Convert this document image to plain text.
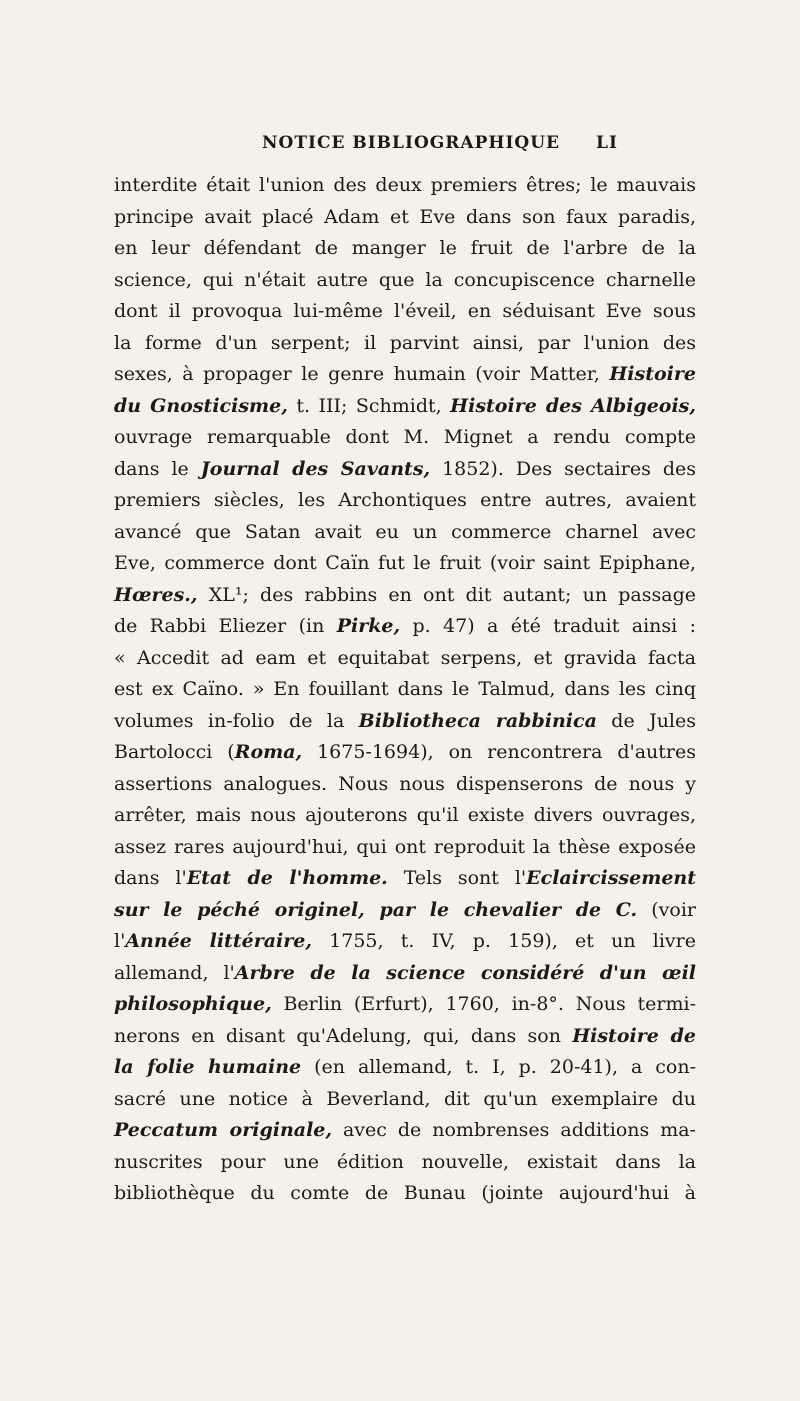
NOTICE BIBLIOGRAPHIQUE	LI
interdite était l'union des deux premiers êtres; le mauvais
principe avait placé Adam et Eve dans son faux paradis,
en leur défendant de manger le fruit de l'arbre de la
science, qui n'était autre que la concupiscence charnelle
dont il provoqua lui-même l'éveil, en séduisant Eve sous
la forme d'un serpent; il parvint ainsi, par l'union des
sexes, à propager le genre humain (voir Matter, Histoire
du Gnosticisme, t. III; Schmidt, Histoire des Albigeois,
ouvrage remarquable dont M. Mignet a rendu compte
dans le Journal des Savants, 1852). Des sectaires des
premiers siècles, les Archontiques entre autres, avaient
avancé que Satan avait eu un commerce charnel avec
Eve, commerce dont Caïn fut le fruit (voir saint Epiphane,
Hœres., XL¹; des rabbins en ont dit autant; un passage
de Rabbi Eliezer (in Pirke, p. 47) a été traduit ainsi :
« Accedit ad eam et equitabat serpens, et gravida facta
est ex Caïno. » En fouillant dans le Talmud, dans les cinq
volumes in-folio de la Bibliotheca rabbinica de Jules
Bartolocci (Roma, 1675-1694), on rencontrera d'autres
assertions analogues. Nous nous dispenserons de nous y
arrêter, mais nous ajouterons qu'il existe divers ouvrages,
assez rares aujourd'hui, qui ont reproduit la thèse exposée
dans l'Etat de l'homme. Tels sont l'Eclaircissement
sur le péché originel, par le chevalier de C. (voir
l'Année littéraire, 1755, t. IV, p. 159), et un livre
allemand, l'Arbre de la science considéré d'un œil
philosophique, Berlin (Erfurt), 1760, in-8°. Nous termi-
nerons en disant qu'Adelung, qui, dans son Histoire de
la folie humaine (en allemand, t. I, p. 20-41), a con-
sacré une notice à Beverland, dit qu'un exemplaire du
Peccatum originale, avec de nombrenses additions ma-
nuscrites pour une édition nouvelle, existait dans la
bibliothèque du comte de Bunau (jointe aujourd'hui à
